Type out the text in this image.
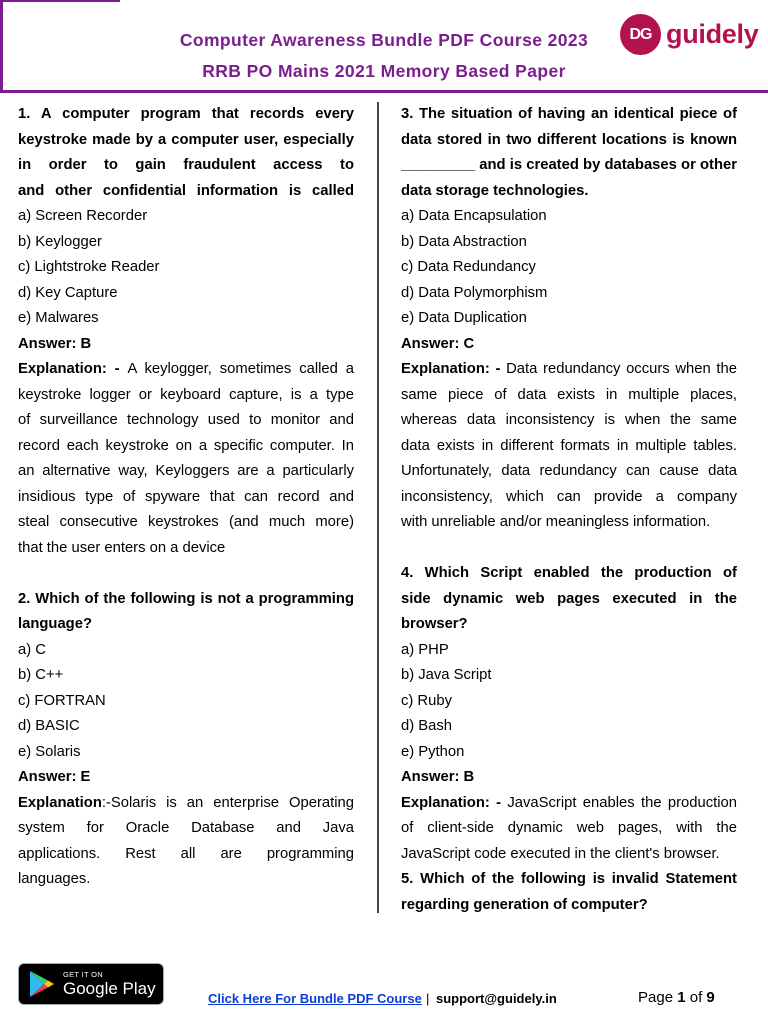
Computer Awareness Bundle PDF Course 2023
RRB PO Mains 2021 Memory Based Paper
DG guidely
1. A computer program that records every
keystroke made by a computer user, especially
in order to gain fraudulent access to
and other confidential information is called
a) Screen Recorder
b) Keylogger
c) Lightstroke Reader
d) Key Capture
e) Malwares
Answer: B
Explanation: - A keylogger, sometimes called a
keystroke logger or keyboard capture, is a type
of surveillance technology used to monitor and
record each keystroke on a specific computer. In
an alternative way, Keyloggers are a particularly
insidious type of spyware that can record and
steal consecutive keystrokes (and much more)
that the user enters on a device
2. Which of the following is not a programming
language?
a) C
b) C++
c) FORTRAN
d) BASIC
e) Solaris
Answer: E
Explanation:-Solaris is an enterprise Operating
system for Oracle Database and Java
applications. Rest all are programming
languages.
3. The situation of having an identical piece of
data stored in two different locations is known
_________ and is created by databases or other
data storage technologies.
a) Data Encapsulation
b) Data Abstraction
c) Data Redundancy
d) Data Polymorphism
e) Data Duplication
Answer: C
Explanation: - Data redundancy occurs when the
same piece of data exists in multiple places,
whereas data inconsistency is when the same
data exists in different formats in multiple tables.
Unfortunately, data redundancy can cause data
inconsistency, which can provide a company
with unreliable and/or meaningless information.
4. Which Script enabled the production of
side dynamic web pages executed in the
browser?
a) PHP
b) Java Script
c) Ruby
d) Bash
e) Python
Answer: B
Explanation: - JavaScript enables the production
of client-side dynamic web pages, with the
JavaScript code executed in the client's browser.
5. Which of the following is invalid Statement
regarding generation of computer?
GET IT ON
Google Play
Click Here For Bundle PDF Course | support@guidely.in	Page 1 of 9
